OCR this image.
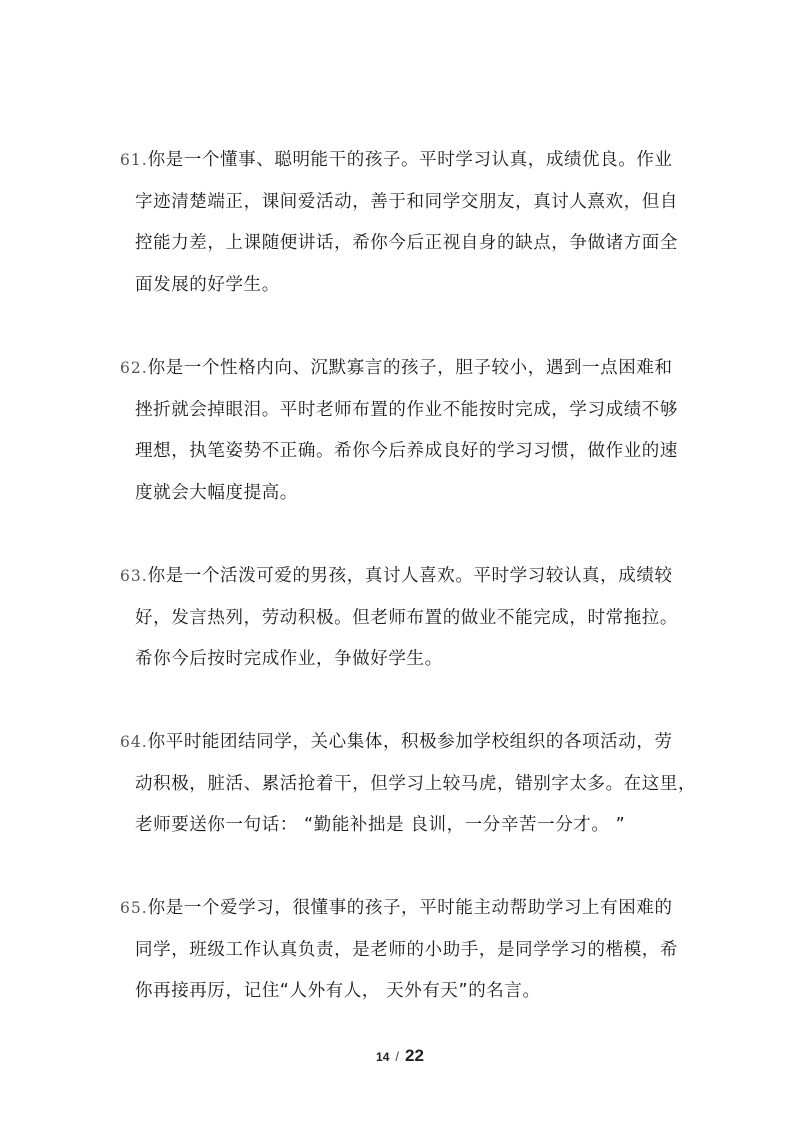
61.你是一个懂事、聪明能干的孩子。平时学习认真，成绩优良。作业
字迹清楚端正，课间爱活动，善于和同学交朋友，真讨人熹欢，但自
控能力差，上课随便讲话，希你今后正视自身的缺点，争做诸方面全
面发展的好学生。
62.你是一个性格内向、沉默寡言的孩子，胆子较小，遇到一点困难和
挫折就会掉眼泪。平时老师布置的作业不能按时完成，学习成绩不够
理想，执笔姿势不正确。希你今后养成良好的学习习惯，做作业的速
度就会大幅度提高。
63.你是一个活泼可爱的男孩，真讨人喜欢。平时学习较认真，成绩较
好，发言热列，劳动积极。但老师布置的做业不能完成，时常拖拉。
希你今后按时完成作业，争做好学生。
64.你平时能团结同学，关心集体，积极参加学校组织的各项活动，劳
动积极，脏活、累活抢着干，但学习上较马虎，错别字太多。在这里，
老师要送你一句话： “勤能补拙是 良训，一分辛苦一分才。 ”
65.你是一个爱学习，很懂事的孩子，平时能主动帮助学习上有困难的
同学，班级工作认真负责，是老师的小助手，是同学学习的楷模，希
你再接再厉，记住“人外有人， 天外有天”的名言。
14 / 22
